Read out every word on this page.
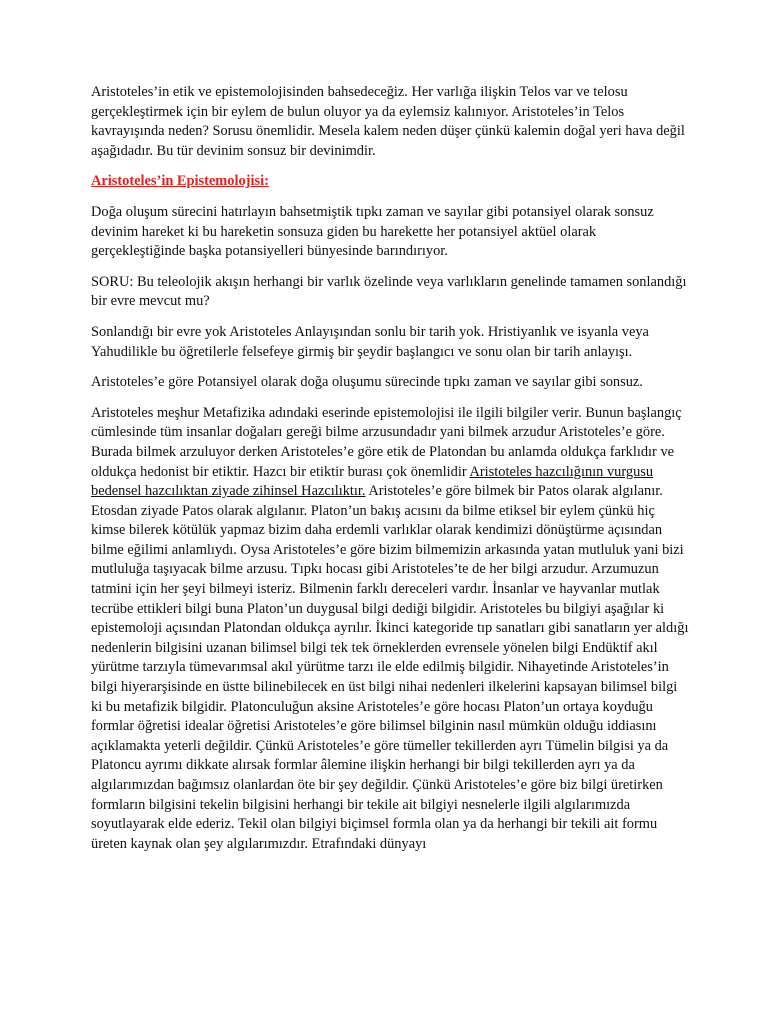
Aristoteles’in etik ve epistemolojisinden bahsedeceğiz. Her varlığa ilişkin Telos var ve telosu gerçekleştirmek için bir eylem de bulun oluyor ya da eylemsiz kalınıyor. Aristoteles’in Telos kavrayışında neden? Sorusu önemlidir. Mesela kalem neden düşer çünkü kalemin doğal yeri hava değil aşağıdadır. Bu tür devinim sonsuz bir devinimdir.

Aristoteles’in Epistemolojisi:

Doğa oluşum sürecini hatırlayın bahsetmiştik tıpkı zaman ve sayılar gibi potansiyel olarak sonsuz devinim hareket ki bu hareketin sonsuza giden bu harekette her potansiyel aktüel olarak gerçekleştiğinde başka potansiyelleri bünyesinde barındırıyor.

SORU: Bu teleolojik akışın herhangi bir varlık özelinde veya varlıkların genelinde tamamen sonlandığı bir evre mevcut mu?

Sonlandığı bir evre yok Aristoteles Anlayışından sonlu bir tarih yok. Hristiyanlık ve isyanla veya Yahudilikle bu öğretilerle felsefeye girmiş bir şeydir başlangıcı ve sonu olan bir tarih anlayışı.

Aristoteles’e göre Potansiyel olarak doğa oluşumu sürecinde tıpkı zaman ve sayılar gibi sonsuz.

Aristoteles meşhur Metafizika adındaki eserinde epistemolojisi ile ilgili bilgiler verir. Bunun başlangıç cümlesinde tüm insanlar doğaları gereği bilme arzusundadır yani bilmek arzudur Aristoteles’e göre. Burada bilmek arzuluyor derken Aristoteles’e göre etik de Platondan bu anlamda oldukça farklıdır ve oldukça hedonist bir etiktir. Hazcı bir etiktir burası çok önemlidir Aristoteles hazcılığının vurgusu bedensel hazcılıktan ziyade zihinsel Hazcılıktır. Aristoteles’e göre bilmek bir Patos olarak algılanır. Etosdan ziyade Patos olarak algılanır. Platon’un bakış acısını da bilme etiksel bir eylem çünkü hiç kimse bilerek kötülük yapmaz bizim daha erdemli varlıklar olarak kendimizi dönüştürme açısından bilme eğilimi anlamlıydı. Oysa Aristoteles’e göre bizim bilmemizin arkasında yatan mutluluk yani bizi mutluluğa taşıyacak bilme arzusu. Tıpkı hocası gibi Aristoteles’te de her bilgi arzudur. Arzumuzun tatmini için her şeyi bilmeyi isteriz. Bilmenin farklı dereceleri vardır. İnsanlar ve hayvanlar mutlak tecrübe ettikleri bilgi buna Platon’un duygusal bilgi dediği bilgidir. Aristoteles bu bilgiyi aşağılar ki epistemoloji açısından Platondan oldukça ayrılır. İkinci kategoride tıp sanatları gibi sanatların yer aldığı nedenlerin bilgisini uzanan bilimsel bilgi tek tek örneklerden evrensele yönelen bilgi Endüktif akıl yürütme tarzıyla tümevarımsal akıl yürütme tarzı ile elde edilmiş bilgidir. Nihayetinde Aristoteles’in bilgi hiyerarşisinde en üstte bilinebilecek en üst bilgi nihai nedenleri ilkelerini kapsayan bilimsel bilgi ki bu metafizik bilgidir. Platonculuğun aksine Aristoteles’e göre hocası Platon’un ortaya koyduğu formlar öğretisi idealar öğretisi Aristoteles’e göre bilimsel bilginin nasıl mümkün olduğu iddiasını açıklamakta yeterli değildir. Çünkü Aristoteles’e göre tümeller tekillerden ayrı Tümelin bilgisi ya da Platoncu ayrımı dikkate alırsak formlar âlemine ilişkin herhangi bir bilgi tekillerden ayrı ya da algılarımızdan bağımsız olanlardan öte bir şey değildir. Çünkü Aristoteles’e göre biz bilgi üretirken formların bilgisini tekelin bilgisini herhangi bir tekile ait bilgiyi nesnelerle ilgili algılarımızda soyutlayarak elde ederiz. Tekil olan bilgiyi biçimsel formla olan ya da herhangi bir tekili ait formu üreten kaynak olan şey algılarımızdır. Etrafındaki dünyayı
